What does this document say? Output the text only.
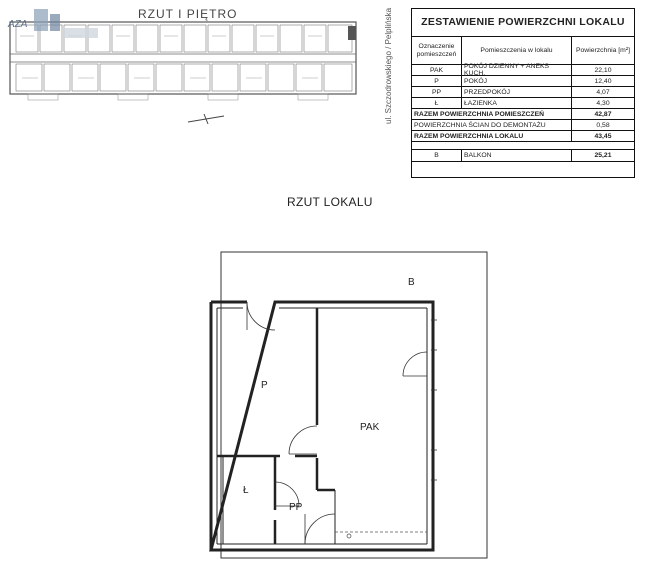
RZUT I PIĘTRO
AZA	ul. Szczodrowskiego / Pelplińska	ZESTAWIENIE POWIERZCHNI LOKALU
Oznaczenie pomieszczeń
Pomieszczenia w lokalu	Powierzchnia [m²]
PAK	POKÓJ DZIENNY + ANEKS KUCH.	22,10
P	POKÓJ	12,40
PP	PRZEDPOKÓJ	4,07
Ł	ŁAZIENKA	4,30
RAZEM POWIERZCHNIA POMIESZCZEŃ	42,87
POWIERZCHNIA ŚCIAN DO DEMONTAŻU	0,58
RAZEM POWIERZCHNIA LOKALU	43,45
B	BALKON	25,21
RZUT LOKALU
B
P
PAK
Ł
PP
